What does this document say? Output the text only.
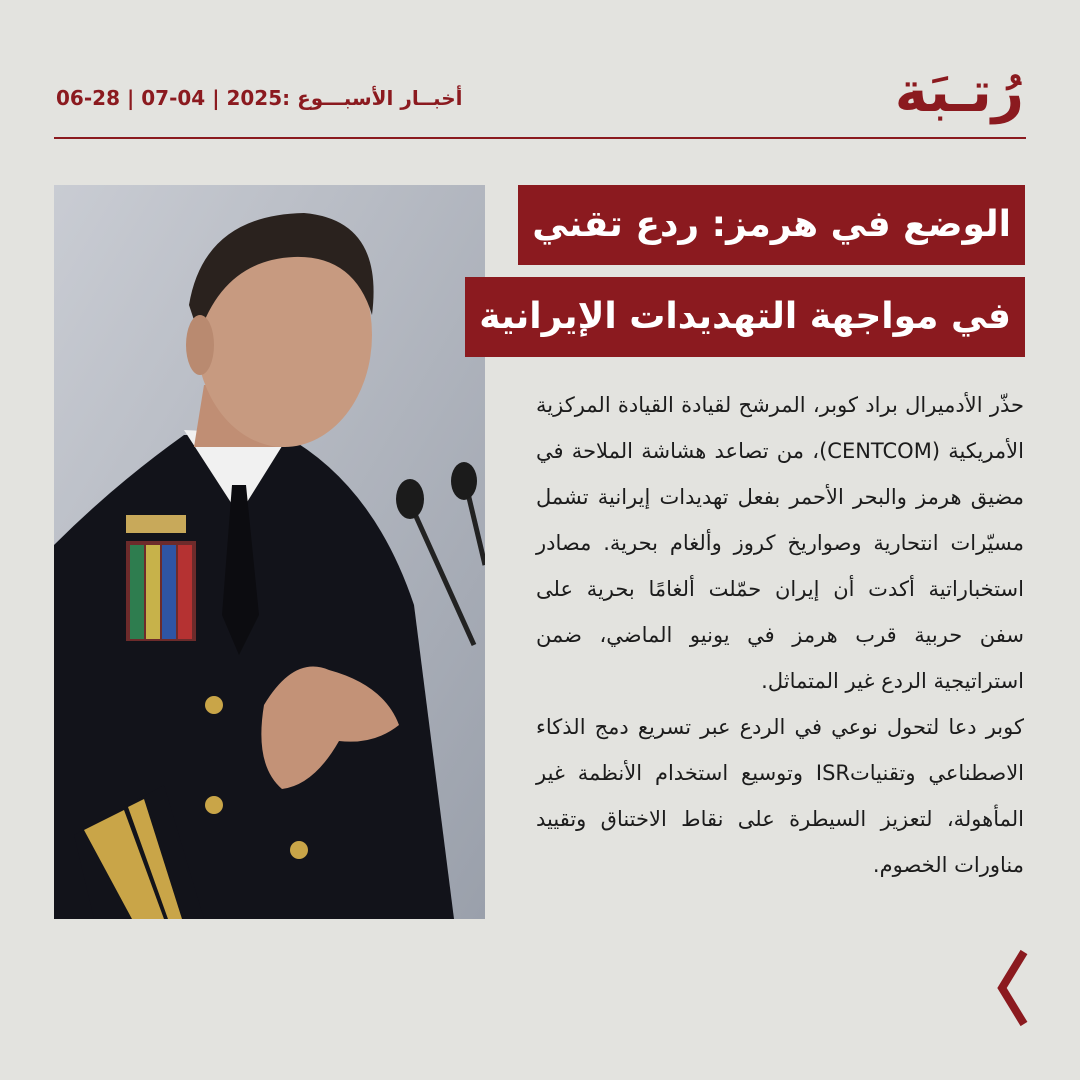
رُتـبَة
أخبــار الأسبـــوع :2025 | 04-07 | 28-06
الوضع في هرمز: ردع تقني
في مواجهة التهديدات الإيرانية

حذّر الأدميرال براد كوبر، المرشح لقيادة القيادة المركزية الأمريكية (CENTCOM)، من تصاعد هشاشة الملاحة في مضيق هرمز والبحر الأحمر بفعل تهديدات إيرانية تشمل مسيّرات انتحارية وصواريخ كروز وألغام بحرية. مصادر استخباراتية أكدت أن إيران حمّلت ألغامًا بحرية على سفن حربية قرب هرمز في يونيو الماضي، ضمن استراتيجية الردع غير المتماثل.

كوبر دعا لتحول نوعي في الردع عبر تسريع دمج الذكاء الاصطناعي وتقنياتISR وتوسيع استخدام الأنظمة غير المأهولة، لتعزيز السيطرة على نقاط الاختناق وتقييد مناورات الخصوم.
